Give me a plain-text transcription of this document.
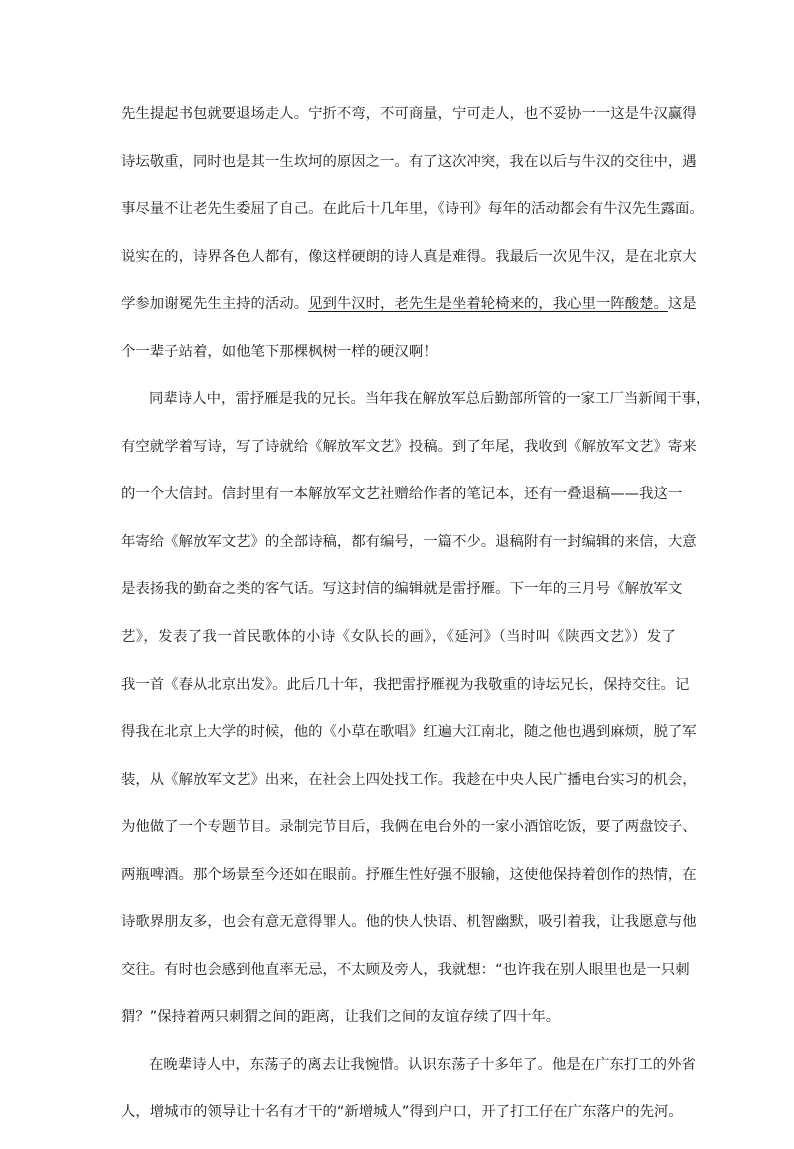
先生提起书包就要退场走人。宁折不弯，不可商量，宁可走人，也不妥协一一这是牛汉赢得
诗坛敬重，同时也是其一生坎坷的原因之一。有了这次冲突，我在以后与牛汉的交往中，遇
事尽量不让老先生委屈了自己。在此后十几年里，《诗刊》每年的活动都会有牛汉先生露面。
说实在的，诗界各色人都有，像这样硬朗的诗人真是难得。我最后一次见牛汉，是在北京大
学参加谢冕先生主持的活动。见到牛汉时，老先生是坐着轮椅来的，我心里一阵酸楚。这是
个一辈子站着，如他笔下那棵枫树一样的硬汉啊！
同辈诗人中，雷抒雁是我的兄长。当年我在解放军总后勤部所管的一家工厂当新闻干事，
有空就学着写诗，写了诗就给《解放军文艺》投稿。到了年尾，我收到《解放军文艺》寄来
的一个大信封。信封里有一本解放军文艺社赠给作者的笔记本，还有一叠退稿——我这一
年寄给《解放军文艺》的全部诗稿，都有编号，一篇不少。退稿附有一封编辑的来信，大意
是表扬我的勤奋之类的客气话。写这封信的编辑就是雷抒雁。下一年的三月号《解放军文
艺》，发表了我一首民歌体的小诗《女队长的画》，《延河》（当时叫《陕西文艺》）发了
我一首《春从北京出发》。此后几十年，我把雷抒雁视为我敬重的诗坛兄长，保持交往。记
得我在北京上大学的时候，他的《小草在歌唱》红遍大江南北，随之他也遇到麻烦，脱了军
装，从《解放军文艺》出来，在社会上四处找工作。我趁在中央人民广播电台实习的机会，
为他做了一个专题节目。录制完节目后，我俩在电台外的一家小酒馆吃饭，要了两盘饺子、
两瓶啤酒。那个场景至今还如在眼前。抒雁生性好强不服输，这使他保持着创作的热情，在
诗歌界朋友多，也会有意无意得罪人。他的快人快语、机智幽默，吸引着我，让我愿意与他
交往。有时也会感到他直率无忌，不太顾及旁人，我就想：“也许我在别人眼里也是一只刺
猬？”保持着两只刺猬之间的距离，让我们之间的友谊存续了四十年。
在晚辈诗人中，东荡子的离去让我惋惜。认识东荡子十多年了。他是在广东打工的外省
人，增城市的领导让十名有才干的“新增城人”得到户口，开了打工仔在广东落户的先河。
